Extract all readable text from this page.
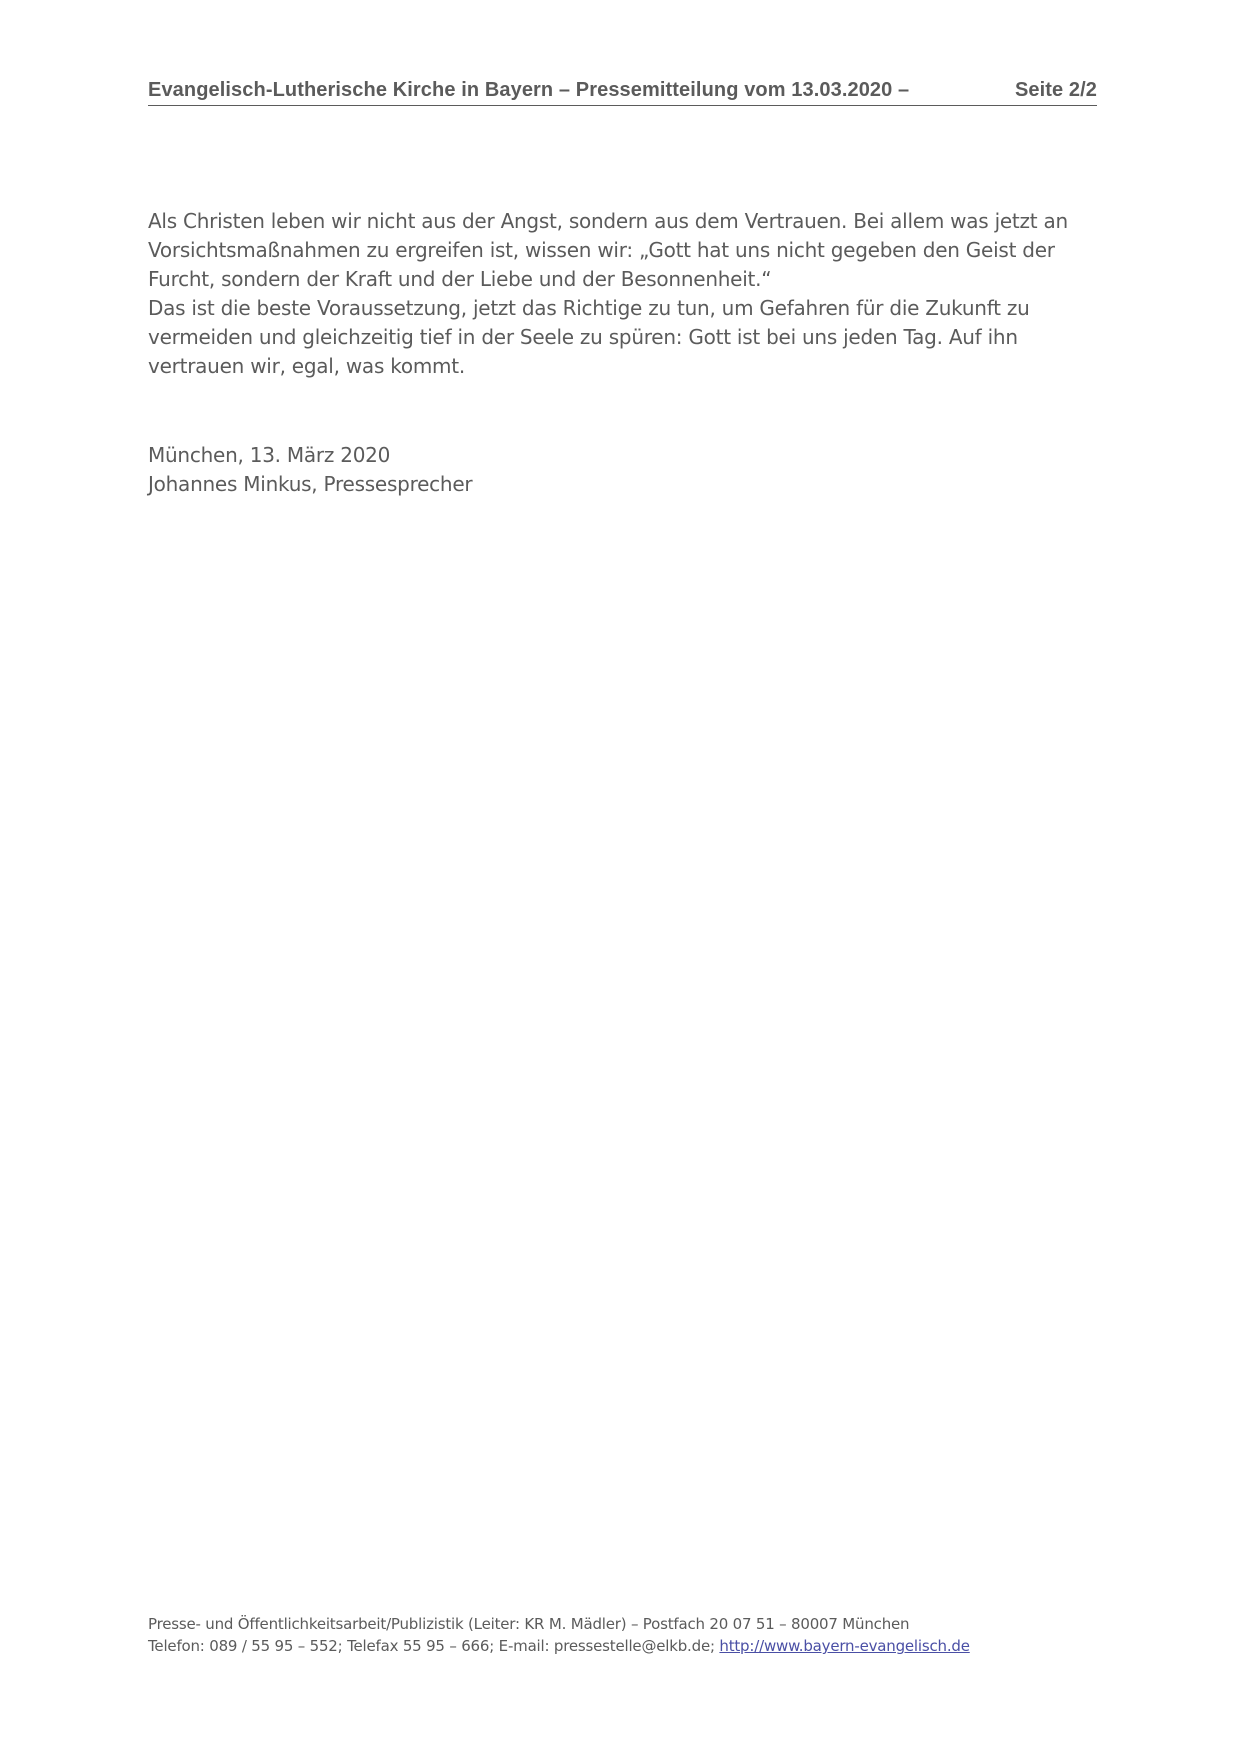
Evangelisch-Lutherische Kirche in Bayern – Pressemitteilung vom 13.03.2020 –	Seite 2/2
Als Christen leben wir nicht aus der Angst, sondern aus dem Vertrauen. Bei allem was jetzt an
Vorsichtsmaßnahmen zu ergreifen ist, wissen wir: „Gott hat uns nicht gegeben den Geist der
Furcht, sondern der Kraft und der Liebe und der Besonnenheit.“
Das ist die beste Voraussetzung, jetzt das Richtige zu tun, um Gefahren für die Zukunft zu
vermeiden und gleichzeitig tief in der Seele zu spüren: Gott ist bei uns jeden Tag. Auf ihn
vertrauen wir, egal, was kommt.
München, 13. März 2020
Johannes Minkus, Pressesprecher
Presse- und Öffentlichkeitsarbeit/Publizistik (Leiter: KR M. Mädler) – Postfach 20 07 51 – 80007 München
Telefon: 089 / 55 95 – 552; Telefax 55 95 – 666; E-mail: pressestelle@elkb.de; http://www.bayern-evangelisch.de
